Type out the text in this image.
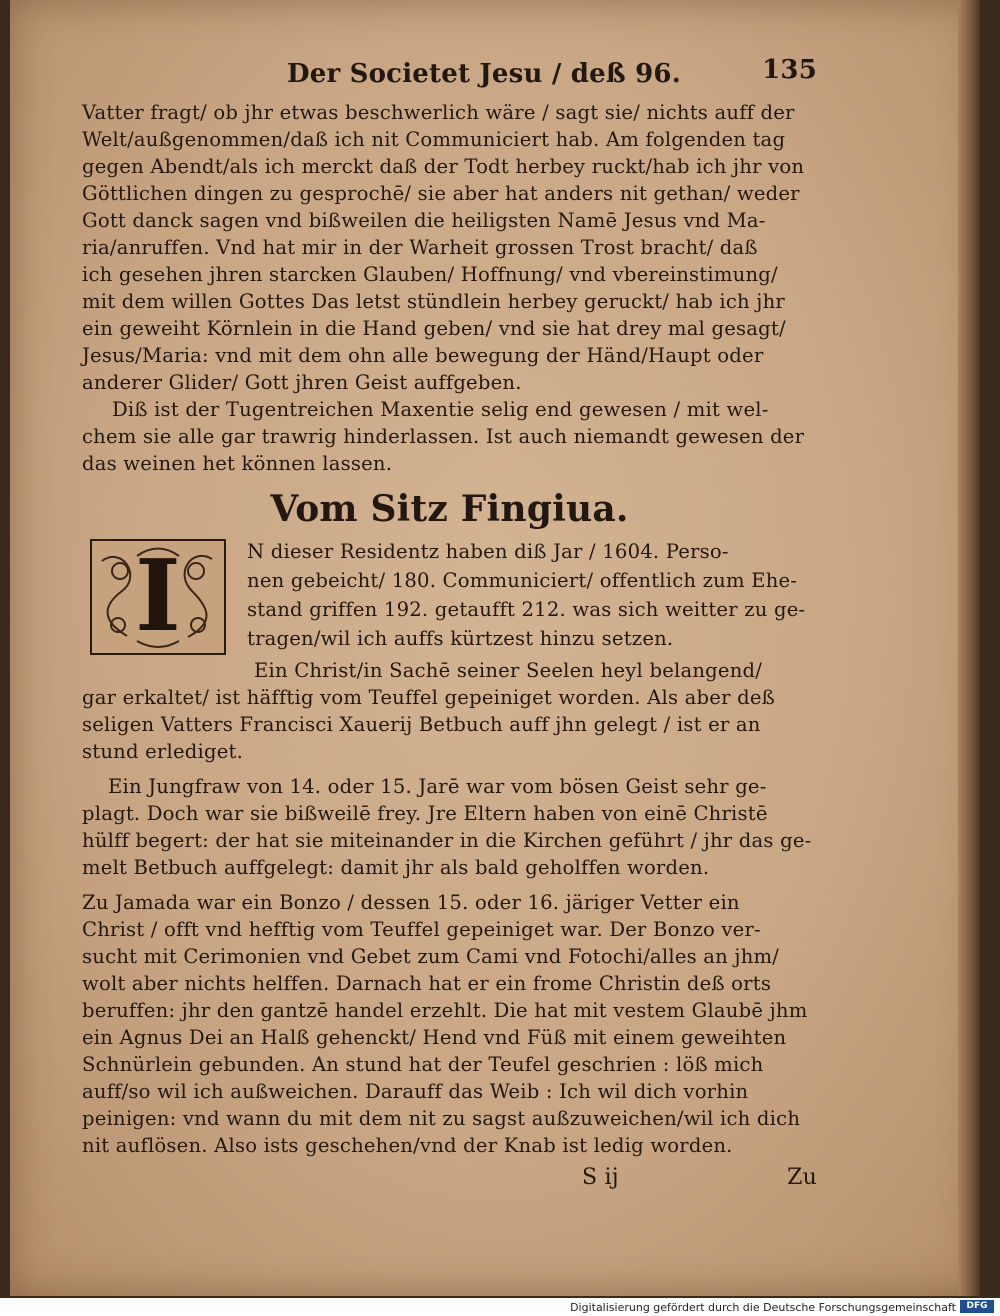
Der Societet Jesu / deß 96.	135
Vatter fragt/ ob jhr etwas beschwerlich wäre / sagt sie/ nichts auff der
Welt/außgenommen/daß ich nit Communiciert hab. Am folgenden tag
gegen Abendt/als ich merckt daß der Todt herbey ruckt/hab ich jhr von
Göttlichen dingen zu gesprochē/ sie aber hat anders nit gethan/ weder
Gott danck sagen vnd bißweilen die heiligsten Namē Jesus vnd Ma-
ria/anruffen. Vnd hat mir in der Warheit grossen Trost bracht/ daß
ich gesehen jhren starcken Glauben/ Hoffnung/ vnd vbereinstimung/
mit dem willen Gottes Das letst stündlein herbey geruckt/ hab ich jhr
ein geweiht Körnlein in die Hand geben/ vnd sie hat drey mal gesagt/
Jesus/Maria: vnd mit dem ohn alle bewegung der Händ/Haupt oder
anderer Glider/ Gott jhren Geist auffgeben.
Diß ist der Tugentreichen Maxentie selig end gewesen / mit wel-
chem sie alle gar trawrig hinderlassen. Ist auch niemandt gewesen der
das weinen het können lassen.
Vom Sitz Fingiua.
I	N dieser Residentz haben diß Jar / 1604. Perso-
nen gebeicht/ 180. Communiciert/ offentlich zum Ehe-
stand griffen 192. getaufft 212. was sich weitter zu ge-
tragen/wil ich auffs kürtzest hinzu setzen.
Ein Christ/in Sachē seiner Seelen heyl belangend/
gar erkaltet/ ist häfftig vom Teuffel gepeiniget worden. Als aber deß
seligen Vatters Francisci Xauerij Betbuch auff jhn gelegt / ist er an
stund erlediget.
Ein Jungfraw von 14. oder 15. Jarē war vom bösen Geist sehr ge-
plagt. Doch war sie bißweilē frey. Jre Eltern haben von einē Christē
hülff begert: der hat sie miteinander in die Kirchen geführt / jhr das ge-
melt Betbuch auffgelegt: damit jhr als bald geholffen worden.
Zu Jamada war ein Bonzo / dessen 15. oder 16. järiger Vetter ein
Christ / offt vnd hefftig vom Teuffel gepeiniget war. Der Bonzo ver-
sucht mit Cerimonien vnd Gebet zum Cami vnd Fotochi/alles an jhm/
wolt aber nichts helffen. Darnach hat er ein frome Christin deß orts
beruffen: jhr den gantzē handel erzehlt. Die hat mit vestem Glaubē jhm
ein Agnus Dei an Halß gehenckt/ Hend vnd Füß mit einem geweihten
Schnürlein gebunden. An stund hat der Teufel geschrien : löß mich
auff/so wil ich außweichen. Darauff das Weib : Ich wil dich vorhin
peinigen: vnd wann du mit dem nit zu sagst außzuweichen/wil ich dich
nit auflösen. Also ists geschehen/vnd der Knab ist ledig worden.
S ij	Zu
Digitalisierung gefördert durch die Deutsche Forschungsgemeinschaft	DFG
